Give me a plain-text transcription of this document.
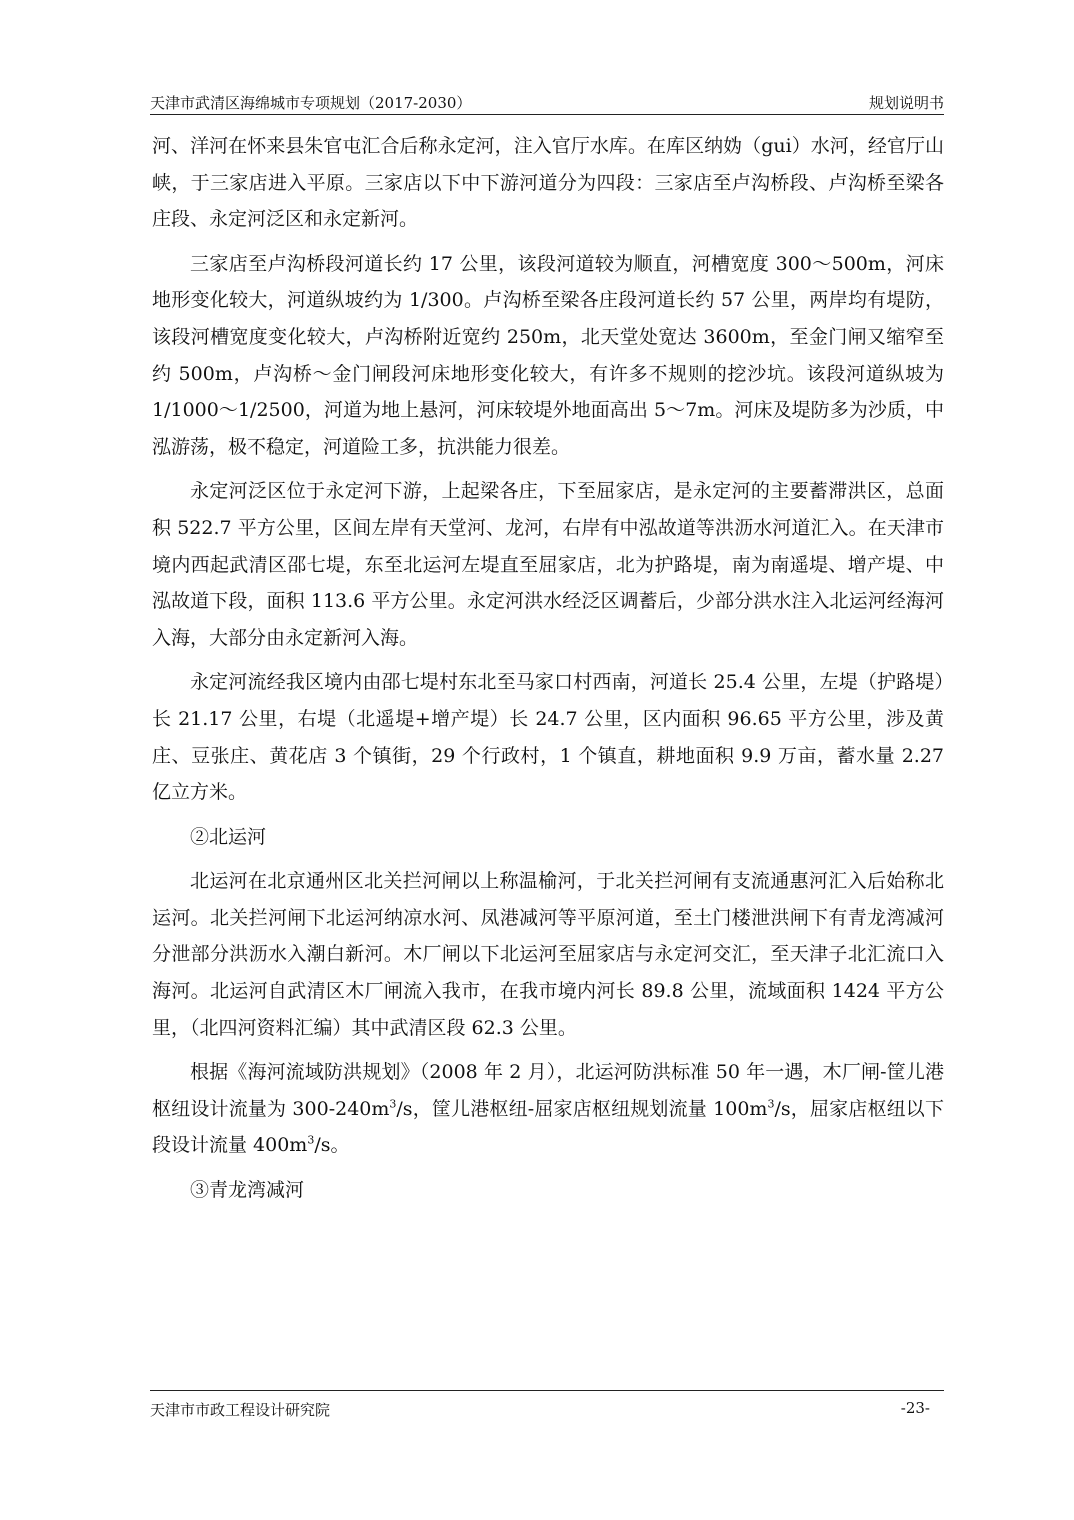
天津市武清区海绵城市专项规划（2017-2030）	规划说明书

河、洋河在怀来县朱官屯汇合后称永定河，注入官厅水库。在库区纳妫（gui）水河，经官厅山峡，于三家店进入平原。三家店以下中下游河道分为四段：三家店至卢沟桥段、卢沟桥至梁各庄段、永定河泛区和永定新河。

三家店至卢沟桥段河道长约 17 公里，该段河道较为顺直，河槽宽度 300～500m，河床地形变化较大，河道纵坡约为 1/300。卢沟桥至梁各庄段河道长约 57 公里，两岸均有堤防，该段河槽宽度变化较大，卢沟桥附近宽约 250m，北天堂处宽达 3600m，至金门闸又缩窄至约 500m，卢沟桥～金门闸段河床地形变化较大，有许多不规则的挖沙坑。该段河道纵坡为 1/1000～1/2500，河道为地上悬河，河床较堤外地面高出 5～7m。河床及堤防多为沙质，中泓游荡，极不稳定，河道险工多，抗洪能力很差。

永定河泛区位于永定河下游，上起梁各庄，下至屈家店，是永定河的主要蓄滞洪区，总面积 522.7 平方公里，区间左岸有天堂河、龙河，右岸有中泓故道等洪沥水河道汇入。在天津市境内西起武清区邵七堤，东至北运河左堤直至屈家店，北为护路堤，南为南遥堤、增产堤、中泓故道下段，面积 113.6 平方公里。永定河洪水经泛区调蓄后，少部分洪水注入北运河经海河入海，大部分由永定新河入海。

永定河流经我区境内由邵七堤村东北至马家口村西南，河道长 25.4 公里，左堤（护路堤）长 21.17 公里，右堤（北遥堤+增产堤）长 24.7 公里，区内面积 96.65 平方公里，涉及黄庄、豆张庄、黄花店 3 个镇街，29 个行政村，1 个镇直，耕地面积 9.9 万亩，蓄水量 2.27 亿立方米。

②北运河

北运河在北京通州区北关拦河闸以上称温榆河，于北关拦河闸有支流通惠河汇入后始称北运河。北关拦河闸下北运河纳凉水河、凤港减河等平原河道，至土门楼泄洪闸下有青龙湾减河分泄部分洪沥水入潮白新河。木厂闸以下北运河至屈家店与永定河交汇，至天津子北汇流口入海河。北运河自武清区木厂闸流入我市，在我市境内河长 89.8 公里，流域面积 1424 平方公里，（北四河资料汇编）其中武清区段 62.3 公里。

根据《海河流域防洪规划》（2008 年 2 月），北运河防洪标准 50 年一遇，木厂闸-筐儿港枢纽设计流量为 $300-240m^3/s$，筐儿港枢纽-屈家店枢纽规划流量 $100m^3/s$，屈家店枢纽以下段设计流量 $400m^3/s$。

③青龙湾减河

天津市市政工程设计研究院	-23-
